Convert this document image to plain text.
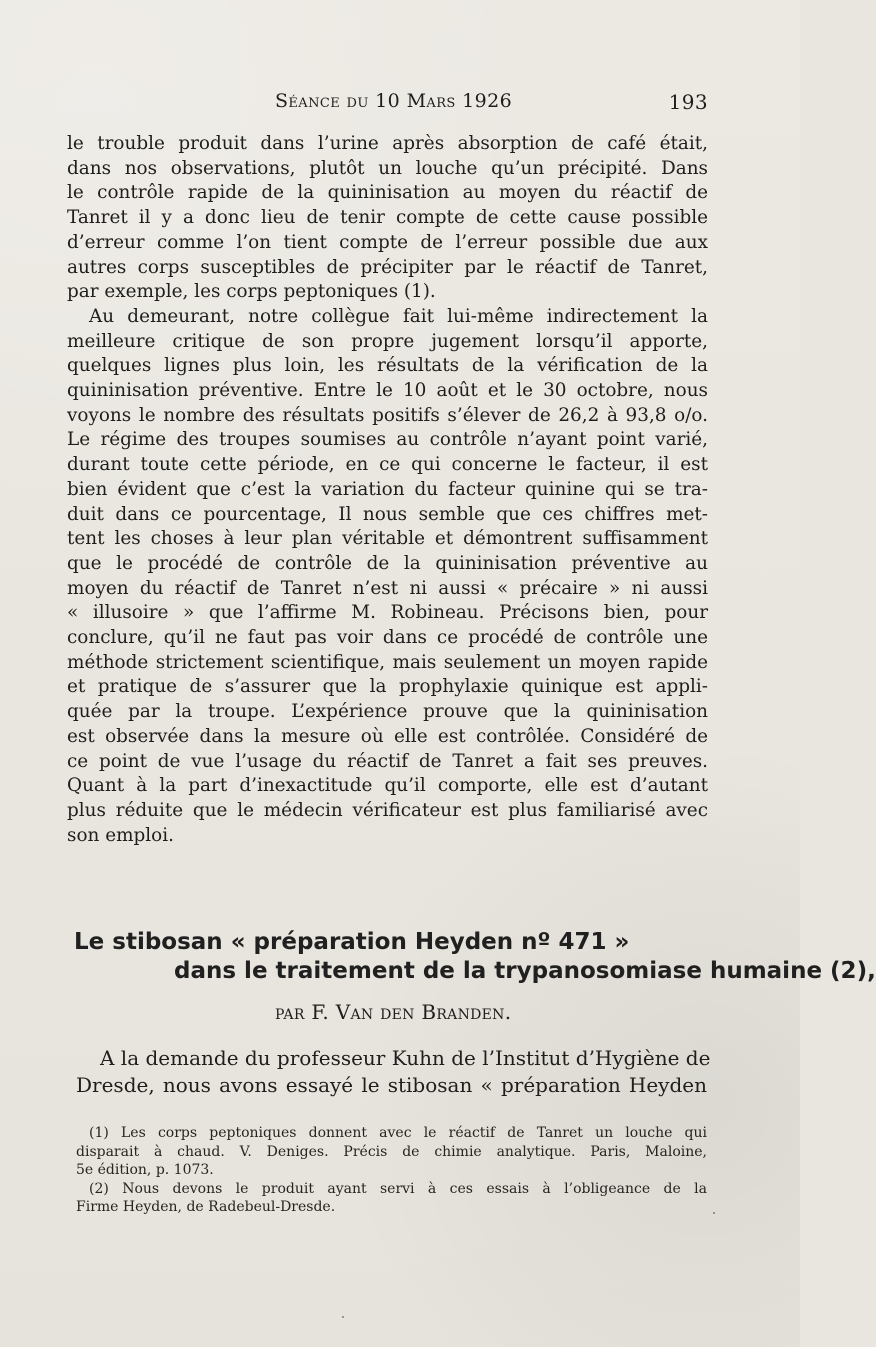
Séance du 10 Mars 1926	193
le trouble produit dans l’urine après absorption de café était,
dans nos observations, plutôt un louche qu’un précipité. Dans
le contrôle rapide de la quininisation au moyen du réactif de
Tanret il y a donc lieu de tenir compte de cette cause possible
d’erreur comme l’on tient compte de l’erreur possible due aux
autres corps susceptibles de précipiter par le réactif de Tanret,
par exemple, les corps peptoniques (1).
Au demeurant, notre collègue fait lui-même indirectement la
meilleure critique de son propre jugement lorsqu’il apporte,
quelques lignes plus loin, les résultats de la vérification de la
quininisation préventive. Entre le 10 août et le 30 octobre, nous
voyons le nombre des résultats positifs s’élever de 26,2 à 93,8 o/o.
Le régime des troupes soumises au contrôle n’ayant point varié,
durant toute cette période, en ce qui concerne le facteur, il est
bien évident que c’est la variation du facteur quinine qui se tra-
duit dans ce pourcentage, Il nous semble que ces chiffres met-
tent les choses à leur plan véritable et démontrent suffisamment
que le procédé de contrôle de la quininisation préventive au
moyen du réactif de Tanret n’est ni aussi « précaire » ni aussi
« illusoire » que l’affirme M. Robineau. Précisons bien, pour
conclure, qu’il ne faut pas voir dans ce procédé de contrôle une
méthode strictement scientifique, mais seulement un moyen rapide
et pratique de s’assurer que la prophylaxie quinique est appli-
quée par la troupe. L’expérience prouve que la quininisation
est observée dans la mesure où elle est contrôlée. Considéré de
ce point de vue l’usage du réactif de Tanret a fait ses preuves.
Quant à la part d’inexactitude qu’il comporte, elle est d’autant
plus réduite que le médecin vérificateur est plus familiarisé avec
son emploi.
Le stibosan « préparation Heyden nº 471 »
dans le traitement de la trypanosomiase humaine (2),
par F. Van den Branden.
A la demande du professeur Kuhn de l’Institut d’Hygiène de
Dresde, nous avons essayé le stibosan « préparation Heyden
(1) Les corps peptoniques donnent avec le réactif de Tanret un louche qui
disparait à chaud. V. Deniges. Précis de chimie analytique. Paris, Maloine,
5e édition, p. 1073.
(2) Nous devons le produit ayant servi à ces essais à l’obligeance de la
Firme Heyden, de Radebeul-Dresde.
